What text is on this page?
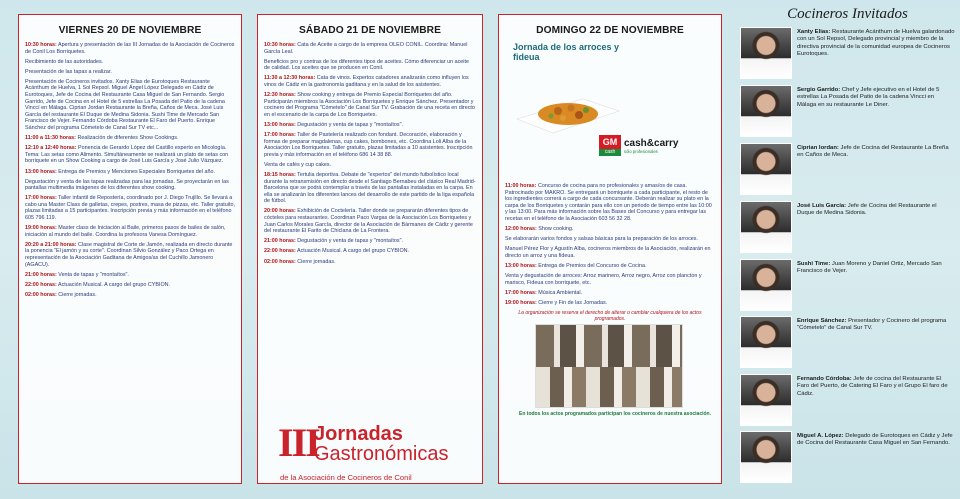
VIERNES 20 DE NOVIEMBRE
10:30 horas: Apertura y presentación de las III Jornadas de la Asociación de Cocineros de Conil Los Borriquetes.
Recibimiento de las autoridades.
Presentación de las tapas a realizar.
Presentación de Cocineros invitados. Xanty Elias de Eurotoques Restaurante Acánthum de Huelva, 1 Sol Repsol. Miguel Ángel López Delegado en Cádiz de Eurotoques, Jefe de Cocina del Restaurante Casa Miguel de San Fernando. Sergio Garrido, Jefe de Cocina en el Hotel de 5 estrellas La Posada del Patio de la cadena Vinccí en Málaga. Ciprian Jordan Restaurante la Breña, Caños de Meca. José Luis García del restaurante El Duque de Medina Sidonia. Sushi Time de Mercado San Francisco de Vejer. Fernando Córdoba Restaurante El Faro del Puerto. Enrique Sánchez del programa Cómetelo de Canal Sur TV etc...
11:00 a 11:30 horas: Realización de diferentes Show Cookings.
12:10 a 12:40 horas: Ponencia de Gerardo López del Castillo experto en Micología. Tema: Las setas como Alimento. Simultáneamente se realizará un plato de setas con borriquete en un Show Cooking a cargo de José Luis García y José Julio Vázquez.
13:00 horas: Entrega de Premios y Menciones Especiales Borriquetes del año.
Degustación y venta de las tapas realizadas para las jornadas. Se proyectarán en las pantallas multimedia imágenes de los diferentes show cooking.
17:00 horas: Taller infantil de Repostería, coordinado por J. Diego Trujillo. Se llevará a cabo una Master Class de galletas, crepes, postres, masa de pizzas, etc. Taller gratuito, plazas limitadas a 15 participantes. Inscripción previa y más información en el teléfono 605 796 119.
19:00 horas: Master class de Iniciación al Baile, primeros pasos de bailes de salón, iniciación al mundo del baile. Coordina la profesora Vanesa Domínguez.
20:20 a 21:00 horas: Clase magistral de Corte de Jamón, realizada en directo durante la ponencia "El jamón y su corte". Coordinan Silvio González y Paco Ortega en representación de la Asociación Gaditana de Amigos/as del Cuchillo Jamonero (AGACU).
21:00 horas: Venta de tapas y "montaítos".
22:00 horas: Actuación Musical. A cargo del grupo CYBION.
02:00 horas: Cierre jornadas.
SÁBADO 21 DE NOVIEMBRE
10:30 horas: Cata de Aceite a cargo de la empresa OLEO CONIL. Coordina: Manuel García Leal.
Beneficios pro y contras de los diferentes tipos de aceites. Cómo diferenciar un aceite de calidad. Los aceites que se producen en Conil.
11:30 a 12:30 horas: Cata de vinos. Expertos catadores analizarán como influyen los vinos de Cádiz en la gastronomía gaditana y en la salud de los asistentes.
12:30 horas: Show cooking y entrega de Premio Especial Borriquetes del año. Participarán miembros la Asociación Los Borriquetes y Enrique Sánchez. Presentador y cocinero del Programa "Cómetelo" de Canal Sur TV. Grabación de una receta en directo en el escenario de la carpa de Los Borriquetes.
13:00 horas: Degustación y venta de tapas y "montaítos".
17:00 horas: Taller de Pastelería realizado con fondant. Decoración, elaboración y formas de preparar magdalenas, cup cakes, bombones, etc. Coordina Loli Alba de la Asociación Los Borriquetes. Taller gratuito, plazas limitadas a 10 asistentes. Inscripción previa y más información en el teléfono 686 14 38 88.
Venta de cafés y cup cakes.
18:15 horas: Tertulia deportiva. Debate de "expertos" del mundo futbolístico local durante la retransmisión en directo desde el Santiago Bernabeu del clásico Real Madrid-Barcelona que se podrá contemplar a través de las pantallas instaladas en la carpa. En ella se analizarán los diferentes lances del desarrollo de este partido de la liga española de fútbol.
20:00 horas: Exhibición de Coctelería. Taller donde se prepararán diferentes tipos de cócteles para restaurantes. Coordinan Paco Vargas de la Asociación Los Borriquetes y Juan Carlos Morales García, director de la Asociación de Bármanes de Cádiz y gerente del restaurante El Farito de Chiclana de La Frontera.
21:00 horas: Degustación y venta de tapas y "montaítos".
22:00 horas: Actuación Musical. A cargo del grupo CYBION.
02:00 horas: Cierre jornadas.
III
Jornadas
Gastronómicas
de la Asociación de Cocineros de Conil
DOMINGO 22 DE NOVIEMBRE
Jornada de los arroces y fideua
GM
cash
cash&carry
sólo profesionales
11:00 horas: Concurso de cocina para no profesionales y amas/os de casa. Patrocinado por MAKRO. Se entregará un bomiquete a cada participante, el resto de los ingredientes correrá a cargo de cada concursante. Deberán realizar su plato en la carpa de los Borriquetes y contarán para ello con un periodo de tiempo entre las 10:00 y las 13:00. Para más información sobre las Bases del Concurso y para entregar las recetas en el teléfono de la Asociación 603 56 32 28.
12:00 horas: Show cooking.
Se elaborarán varios fondos y salsas básicas para la preparación de los arroces.
Manuel Pérez Flor y Agustín Alba, cocineros miembros de la Asociación, realizarán en directo un arroz y una fideua.
13:00 horas: Entrega de Premios del Concurso de Cocina.
Venta y degustación de arroces: Arroz marinero, Arroz negro, Arroz con plancton y marisco, Fideua con borriquete, etc.
17:00 horas: Música Ambiental.
19:00 horas: Cierre y Fin de las Jornadas.
La organización se reserva el derecho de alterar o cambiar cualquiera de los actos programados.
En todos los actos programados participan los cocineros de nuestra asociación.
Cocineros Invitados
Xanty Elias: Restaurante Acánthum de Huelva galardonado con un Sol Repsol, Delegado provincial y miembro de la directiva provincial de la comunidad europea de Cocineros Eurotoques.
Sergio Garrido: Chef y Jefe ejecutivo en el Hotel de 5 estrellas La Posada del Patio de la cadena Vincci en Málaga en su restaurante Le Diner.
Ciprian Iordan: Jefe de Cocina del Restaurante La Breña en Caños de Meca.
José Luis García: Jefe de Cocina del Restaurante el Duque de Medina Sidonia.
Sushi Time: Juan Moreno y Daniel Ortiz, Mercado San Francisco de Vejer.
Enrique Sánchez: Presentador y Cocinero del programa "Cómetelo" de Canal Sur TV.
Fernando Córdoba: Jefe de cocina del Restaurante El Faro del Puerto, de Catering El Faro y el Grupo El faro de Cádiz.
Miguel A. López: Delegado de Eurotoques en Cádiz y Jefe de Cocina del Restaurante Casa Miguel en San Fernando.
